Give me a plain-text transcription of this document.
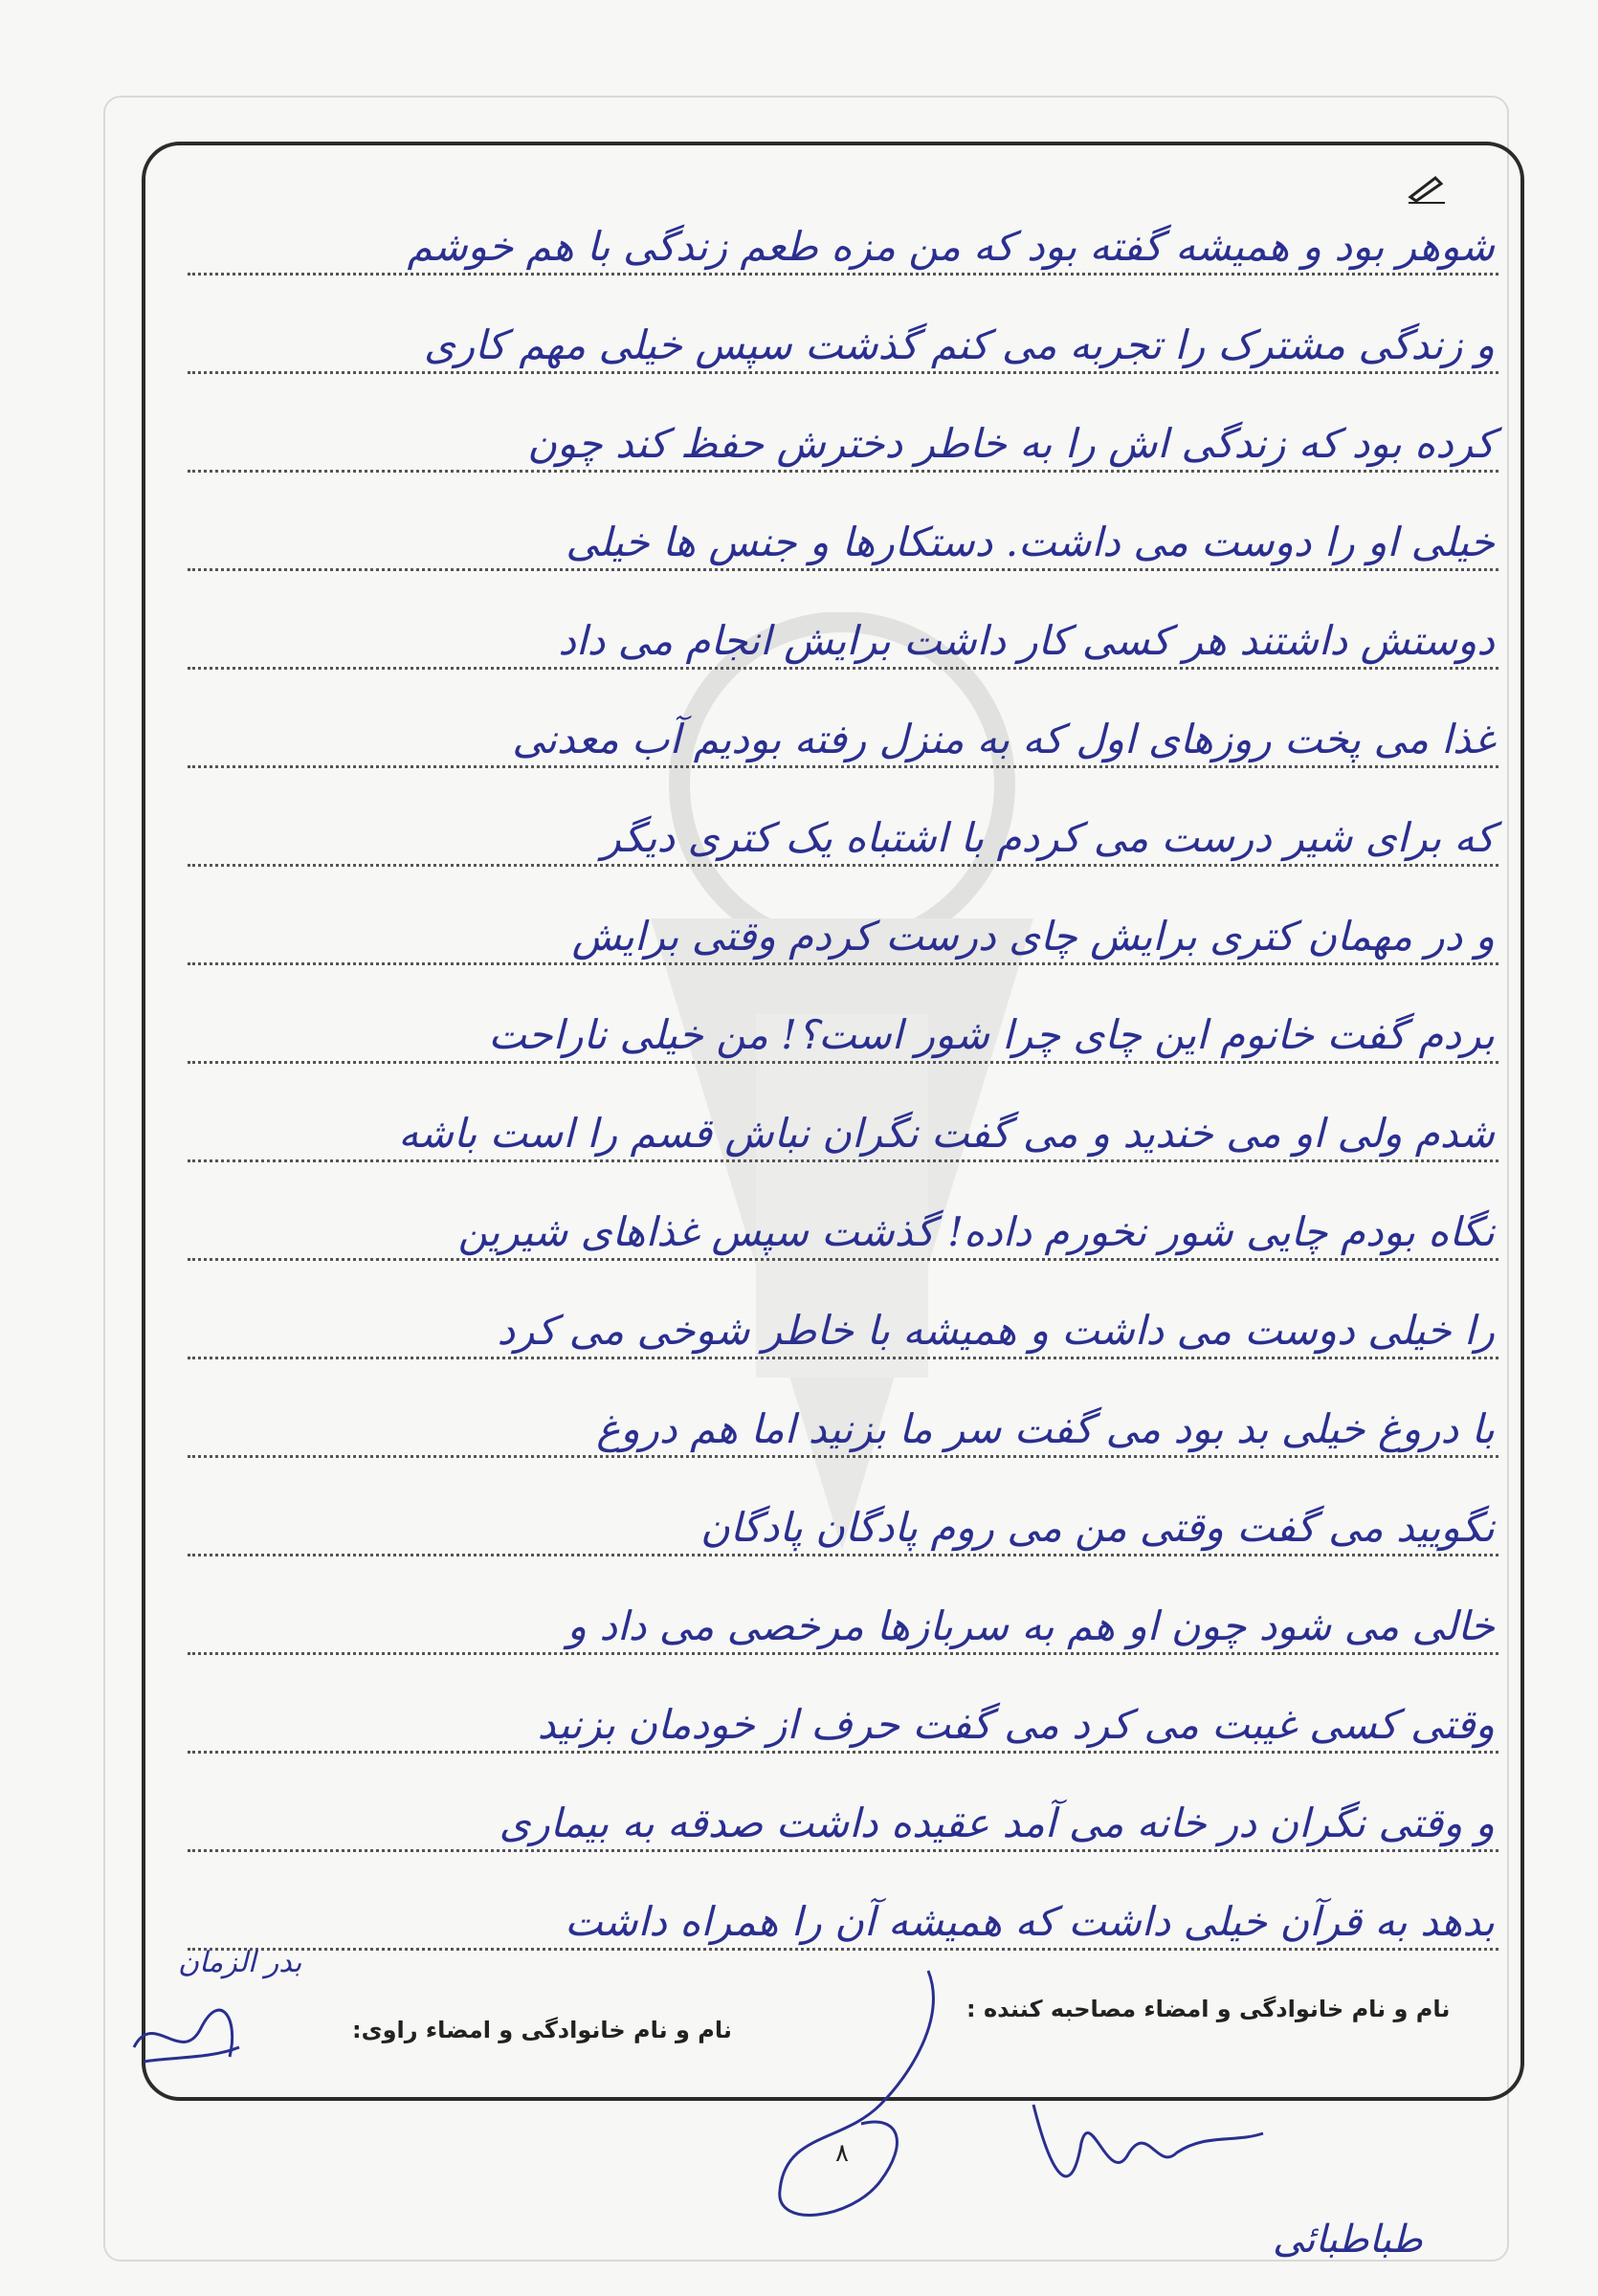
شوهر بود و همیشه گفته بود که من مزه طعم زندگی با هم خوشم
و زندگی مشترک را تجربه می کنم گذشت سپس خیلی مهم کاری
کرده بود که زندگی اش را به خاطر دخترش حفظ کند چون
خیلی او را دوست می داشت. دستکارها و جنس ها خیلی
دوستش داشتند هر کسی کار داشت برایش انجام می داد
غذا می پخت روزهای اول که به منزل رفته بودیم آب معدنی
که برای شیر درست می کردم با اشتباه یک کتری دیگر
و در مهمان کتری برایش چای درست کردم وقتی برایش
بردم گفت خانوم این چای چرا شور است؟! من خیلی ناراحت
شدم ولی او می خندید و می گفت نگران نباش قسم را است باشه
نگاه بودم چایی شور نخورم داده! گذشت سپس غذاهای شیرین
را خیلی دوست می داشت و همیشه با خاطر شوخی می کرد
با دروغ خیلی بد بود می گفت سر ما بزنید اما هم دروغ
نگویید می گفت وقتی من می روم پادگان پادگان
خالی می شود چون او هم به سربازها مرخصی می داد و
وقتی کسی غیبت می کرد می گفت حرف از خودمان بزنید
و وقتی نگران در خانه می آمد عقیده داشت صدقه به بیماری
بدهد به قرآن خیلی داشت که همیشه آن را همراه داشت
نام و نام خانوادگی و امضاء مصاحبه کننده :
نام و نام خانوادگی و امضاء راوی:
بدر الزمان
۸
طباطبائی
